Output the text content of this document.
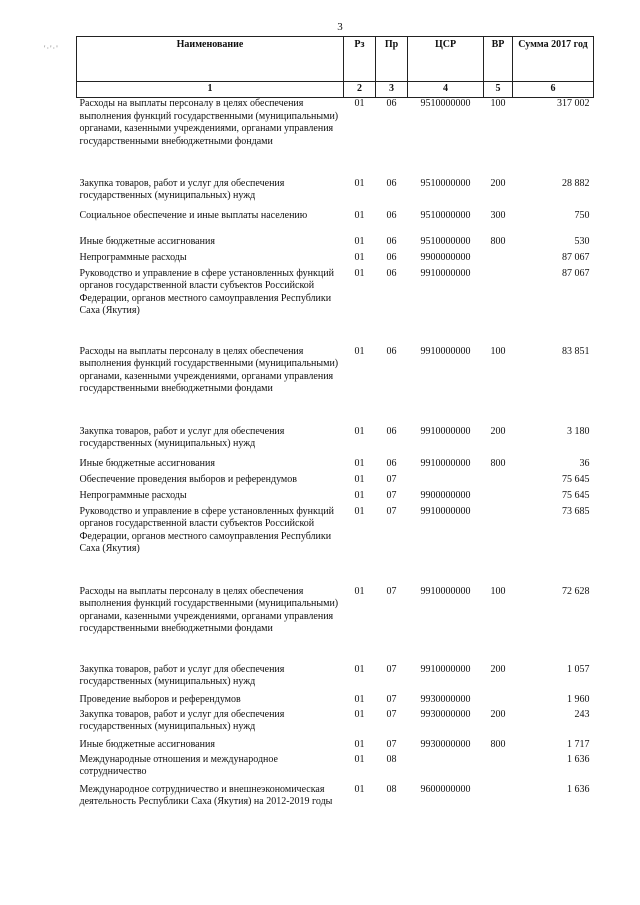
3
'·'·'	Наименование	Рз	Пр	ЦСР	ВР	Сумма 2017 год
1	2	3	4	5	6
Расходы на выплаты персоналу в целях обеспечения выполнения функций государственными (муниципальными) органами, казенными учреждениями, органами управления государственными внебюджетными фондами	01	06	9510000000	100	317 002
Закупка товаров, работ и услуг для обеспечения государственных (муниципальных) нужд	01	06	9510000000	200	28 882
Социальное обеспечение и иные выплаты населению	01	06	9510000000	300	750
Иные бюджетные ассигнования	01	06	9510000000	800	530
Непрограммные расходы	01	06	9900000000		87 067
Руководство и управление в сфере установленных функций органов государственной власти субъектов Российской Федерации, органов местного самоуправления Республики Саха (Якутия)	01	06	9910000000		87 067
Расходы на выплаты персоналу в целях обеспечения выполнения функций государственными (муниципальными) органами, казенными учреждениями, органами управления государственными внебюджетными фондами	01	06	9910000000	100	83 851
Закупка товаров, работ и услуг для обеспечения государственных (муниципальных) нужд	01	06	9910000000	200	3 180
Иные бюджетные ассигнования	01	06	9910000000	800	36
Обеспечение проведения выборов и референдумов	01	07			75 645
Непрограммные расходы	01	07	9900000000		75 645
Руководство и управление в сфере установленных функций органов государственной власти субъектов Российской Федерации, органов местного самоуправления Республики Саха (Якутия)	01	07	9910000000		73 685
Расходы на выплаты персоналу в целях обеспечения выполнения функций государственными (муниципальными) органами, казенными учреждениями, органами управления государственными внебюджетными фондами	01	07	9910000000	100	72 628
Закупка товаров, работ и услуг для обеспечения государственных (муниципальных) нужд	01	07	9910000000	200	1 057
Проведение выборов и референдумов	01	07	9930000000		1 960
Закупка товаров, работ и услуг для обеспечения государственных (муниципальных) нужд	01	07	9930000000	200	243
Иные бюджетные ассигнования	01	07	9930000000	800	1 717
Международные отношения и международное сотрудничество	01	08			1 636
Международное сотрудничество и внешнеэкономическая деятельность Республики Саха (Якутия) на 2012-2019 годы	01	08	9600000000		1 636
